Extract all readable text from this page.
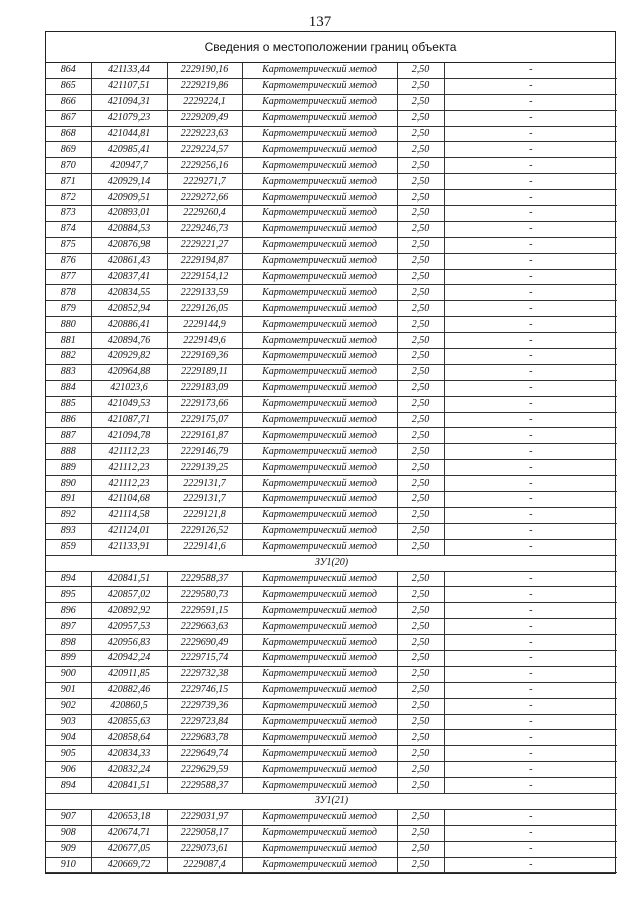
137
Сведения о местоположении границ объекта
864	421133,44	2229190,16	Картометрический метод	2,50	-
865	421107,51	2229219,86	Картометрический метод	2,50	-
866	421094,31	2229224,1	Картометрический метод	2,50	-
867	421079,23	2229209,49	Картометрический метод	2,50	-
868	421044,81	2229223,63	Картометрический метод	2,50	-
869	420985,41	2229224,57	Картометрический метод	2,50	-
870	420947,7	2229256,16	Картометрический метод	2,50	-
871	420929,14	2229271,7	Картометрический метод	2,50	-
872	420909,51	2229272,66	Картометрический метод	2,50	-
873	420893,01	2229260,4	Картометрический метод	2,50	-
874	420884,53	2229246,73	Картометрический метод	2,50	-
875	420876,98	2229221,27	Картометрический метод	2,50	-
876	420861,43	2229194,87	Картометрический метод	2,50	-
877	420837,41	2229154,12	Картометрический метод	2,50	-
878	420834,55	2229133,59	Картометрический метод	2,50	-
879	420852,94	2229126,05	Картометрический метод	2,50	-
880	420886,41	2229144,9	Картометрический метод	2,50	-
881	420894,76	2229149,6	Картометрический метод	2,50	-
882	420929,82	2229169,36	Картометрический метод	2,50	-
883	420964,88	2229189,11	Картометрический метод	2,50	-
884	421023,6	2229183,09	Картометрический метод	2,50	-
885	421049,53	2229173,66	Картометрический метод	2,50	-
886	421087,71	2229175,07	Картометрический метод	2,50	-
887	421094,78	2229161,87	Картометрический метод	2,50	-
888	421112,23	2229146,79	Картометрический метод	2,50	-
889	421112,23	2229139,25	Картометрический метод	2,50	-
890	421112,23	2229131,7	Картометрический метод	2,50	-
891	421104,68	2229131,7	Картометрический метод	2,50	-
892	421114,58	2229121,8	Картометрический метод	2,50	-
893	421124,01	2229126,52	Картометрический метод	2,50	-
859	421133,91	2229141,6	Картометрический метод	2,50	-
ЗУ1(20)					
894	420841,51	2229588,37	Картометрический метод	2,50	-
895	420857,02	2229580,73	Картометрический метод	2,50	-
896	420892,92	2229591,15	Картометрический метод	2,50	-
897	420957,53	2229663,63	Картометрический метод	2,50	-
898	420956,83	2229690,49	Картометрический метод	2,50	-
899	420942,24	2229715,74	Картометрический метод	2,50	-
900	420911,85	2229732,38	Картометрический метод	2,50	-
901	420882,46	2229746,15	Картометрический метод	2,50	-
902	420860,5	2229739,36	Картометрический метод	2,50	-
903	420855,63	2229723,84	Картометрический метод	2,50	-
904	420858,64	2229683,78	Картометрический метод	2,50	-
905	420834,33	2229649,74	Картометрический метод	2,50	-
906	420832,24	2229629,59	Картометрический метод	2,50	-
894	420841,51	2229588,37	Картометрический метод	2,50	-
ЗУ1(21)					
907	420653,18	2229031,97	Картометрический метод	2,50	-
908	420674,71	2229058,17	Картометрический метод	2,50	-
909	420677,05	2229073,61	Картометрический метод	2,50	-
910	420669,72	2229087,4	Картометрический метод	2,50	-
